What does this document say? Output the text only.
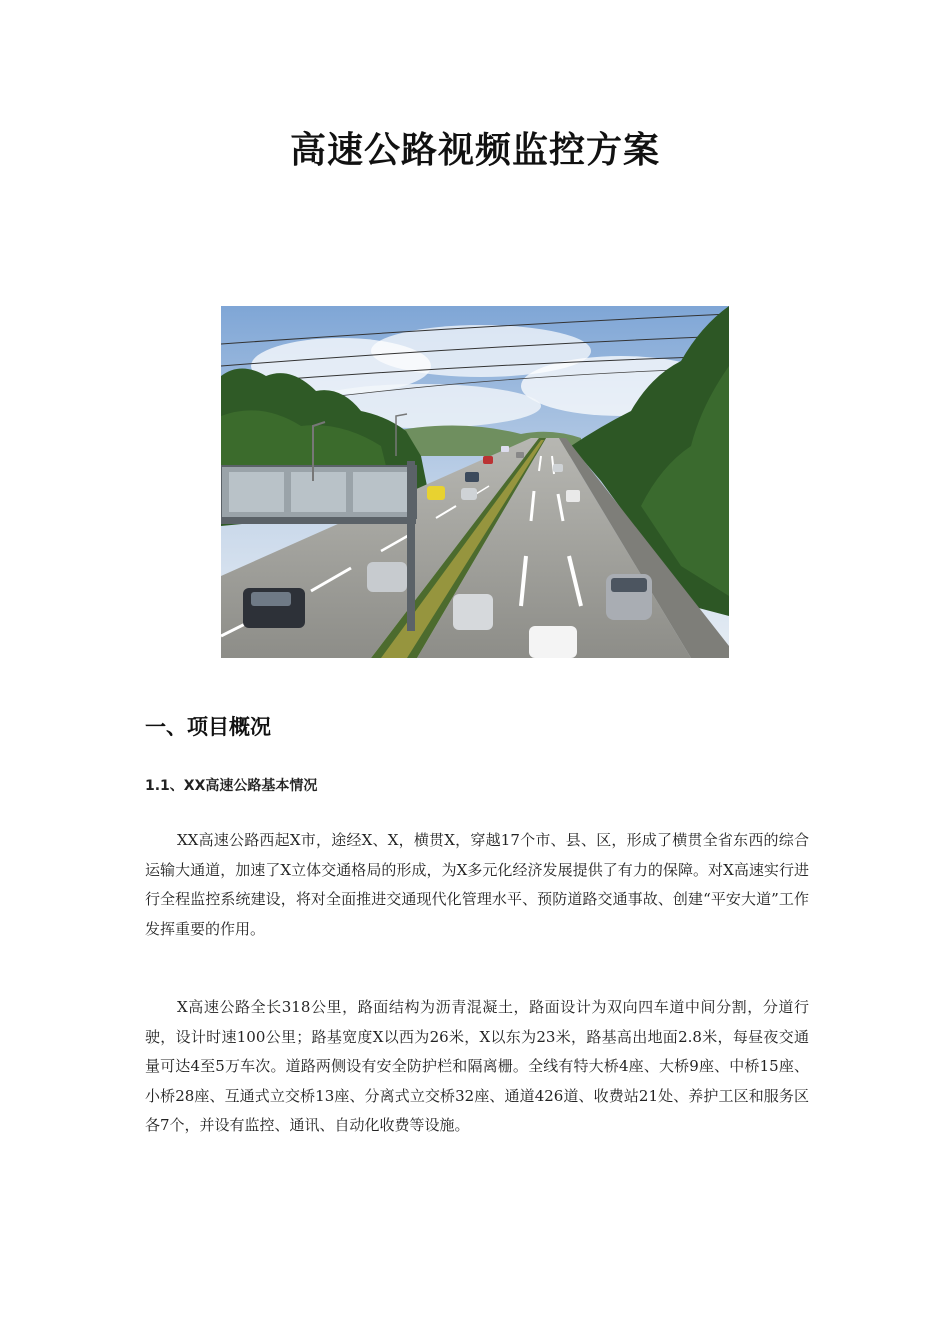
高速公路视频监控方案
一、项目概况
1.1、XX高速公路基本情况

XX高速公路西起X市，途经X、X，横贯X，穿越17个市、县、区，形成了横贯全省东西的综合运输大通道，加速了X立体交通格局的形成，为X多元化经济发展提供了有力的保障。对X高速实行进行全程监控系统建设，将对全面推进交通现代化管理水平、预防道路交通事故、创建“平安大道”工作发挥重要的作用。

X高速公路全长318公里，路面结构为沥青混凝土，路面设计为双向四车道中间分割，分道行驶，设计时速100公里；路基宽度X以西为26米，X以东为23米，路基高出地面2.8米，每昼夜交通量可达4至5万车次。道路两侧设有安全防护栏和隔离栅。全线有特大桥4座、大桥9座、中桥15座、小桥28座、互通式立交桥13座、分离式立交桥32座、通道426道、收费站21处、养护工区和服务区各7个，并设有监控、通讯、自动化收费等设施。
